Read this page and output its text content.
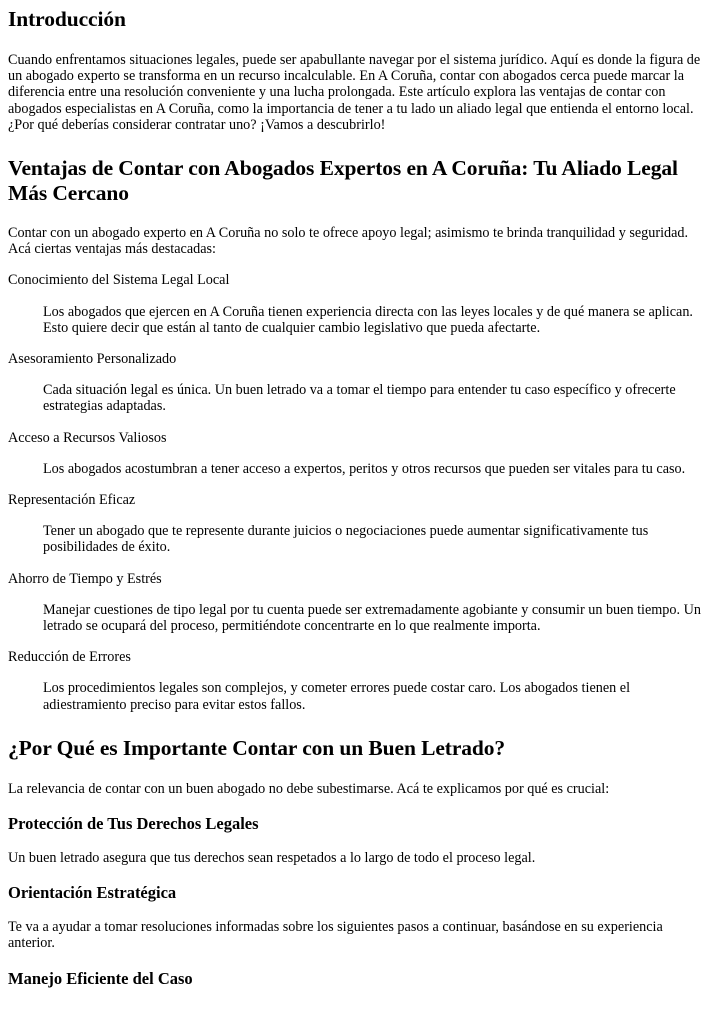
Introducción

Cuando enfrentamos situaciones legales, puede ser apabullante navegar por el sistema jurídico. Aquí es donde la figura de un abogado experto se transforma en un recurso incalculable. En A Coruña, contar con abogados cerca puede marcar la diferencia entre una resolución conveniente y una lucha prolongada. Este artículo explora las ventajas de contar con abogados especialistas en A Coruña, como la importancia de tener a tu lado un aliado legal que entienda el entorno local. ¿Por qué deberías considerar contratar uno? ¡Vamos a descubrirlo!

Ventajas de Contar con Abogados Expertos en A Coruña: Tu Aliado Legal Más Cercano

Contar con un abogado experto en A Coruña no solo te ofrece apoyo legal; asimismo te brinda tranquilidad y seguridad. Acá ciertas ventajas más destacadas:

Conocimiento del Sistema Legal Local
Los abogados que ejercen en A Coruña tienen experiencia directa con las leyes locales y de qué manera se aplican. Esto quiere decir que están al tanto de cualquier cambio legislativo que pueda afectarte.
Asesoramiento Personalizado
Cada situación legal es única. Un buen letrado va a tomar el tiempo para entender tu caso específico y ofrecerte estrategias adaptadas.
Acceso a Recursos Valiosos
Los abogados acostumbran a tener acceso a expertos, peritos y otros recursos que pueden ser vitales para tu caso.
Representación Eficaz
Tener un abogado que te represente durante juicios o negociaciones puede aumentar significativamente tus posibilidades de éxito.
Ahorro de Tiempo y Estrés
Manejar cuestiones de tipo legal por tu cuenta puede ser extremadamente agobiante y consumir un buen tiempo. Un letrado se ocupará del proceso, permitiéndote concentrarte en lo que realmente importa.
Reducción de Errores
Los procedimientos legales son complejos, y cometer errores puede costar caro. Los abogados tienen el adiestramiento preciso para evitar estos fallos.
¿Por Qué es Importante Contar con un Buen Letrado?

La relevancia de contar con un buen abogado no debe subestimarse. Acá te explicamos por qué es crucial:

Protección de Tus Derechos Legales

Un buen letrado asegura que tus derechos sean respetados a lo largo de todo el proceso legal.

Orientación Estratégica

Te va a ayudar a tomar resoluciones informadas sobre los siguientes pasos a continuar, basándose en su experiencia anterior.

Manejo Eficiente del Caso
